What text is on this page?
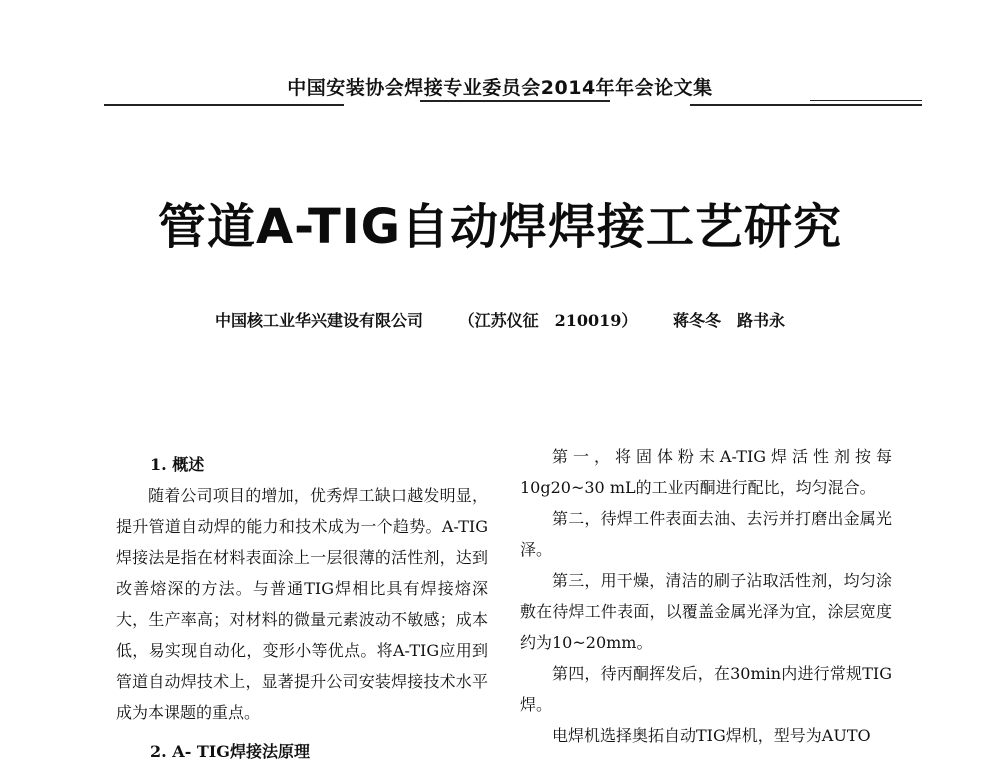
中国安装协会焊接专业委员会2014年年会论文集
管道A-TIG自动焊焊接工艺研究
中国核工业华兴建设有限公司 （江苏仪征　210019） 蒋冬冬　路书永
1. 概述

随着公司项目的增加，优秀焊工缺口越发明显，提升管道自动焊的能力和技术成为一个趋势。A-TIG焊接法是指在材料表面涂上一层很薄的活性剂，达到改善熔深的方法。与普通TIG焊相比具有焊接熔深大，生产率高；对材料的微量元素波动不敏感；成本低，易实现自动化，变形小等优点。将A-TIG应用到管道自动焊技术上，显著提升公司安装焊接技术水平成为本课题的重点。

2. A- TIG焊接法原理

第一，将固体粉末A-TIG焊活性剂按每10g20~30 mL的工业丙酮进行配比，均匀混合。

第二，待焊工件表面去油、去污并打磨出金属光泽。

第三，用干燥，清洁的刷子沾取活性剂，均匀涂敷在待焊工件表面，以覆盖金属光泽为宜，涂层宽度约为10~20mm。

第四，待丙酮挥发后，在30min内进行常规TIG焊。

电焊机选择奥拓自动TIG焊机，型号为AUTO
